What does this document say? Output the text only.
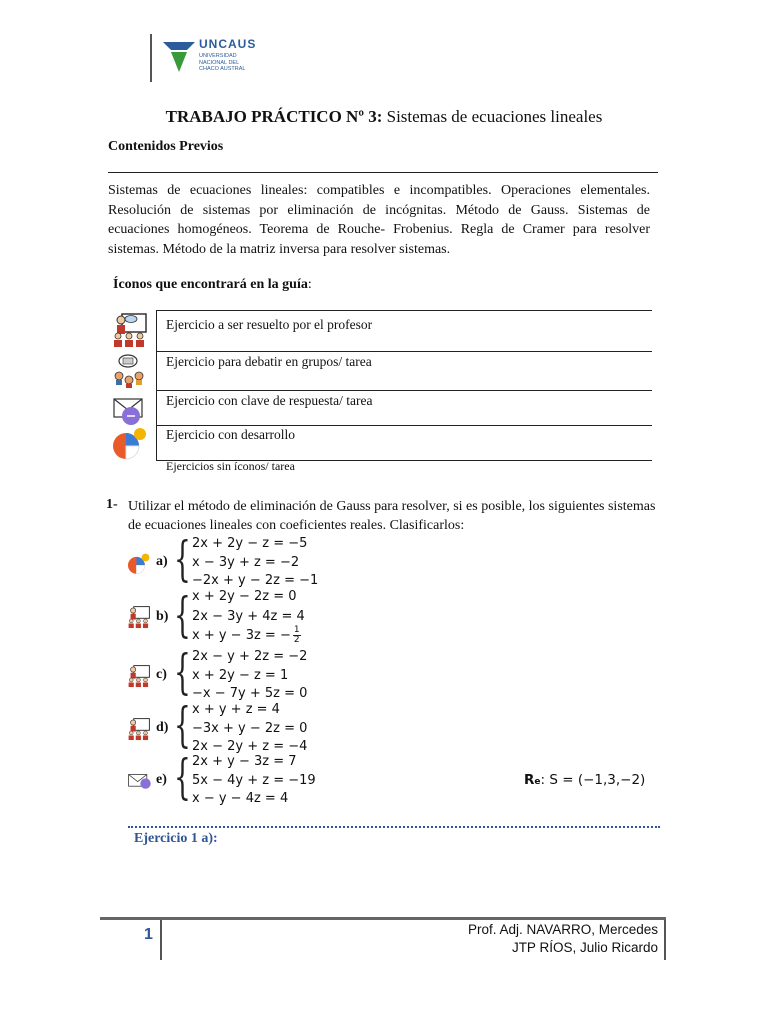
UNCAUS
UNIVERSIDAD
NACIONAL DEL
CHACO AUSTRAL
TRABAJO PRÁCTICO Nº 3: Sistemas de ecuaciones lineales
Contenidos Previos
Sistemas de ecuaciones lineales: compatibles e incompatibles. Operaciones elementales. Resolución de sistemas por eliminación de incógnitas. Método de Gauss. Sistemas de ecuaciones homogéneos. Teorema de Rouche- Frobenius. Regla de Cramer para resolver sistemas. Método de la matriz inversa para resolver sistemas.
Íconos que encontrará en la guía:
Ejercicio a ser resuelto por el profesor
Ejercicio para debatir en grupos/ tarea
Ejercicio con clave de respuesta/ tarea
Ejercicio con desarrollo
Ejercicios sin íconos/ tarea
1- Utilizar el método de eliminación de Gauss para resolver, si es posible, los siguientes sistemas de ecuaciones lineales con coeficientes reales. Clasificarlos:
a) { 2x + 2y − z = −5
x − 3y + z = −2
−2x + y − 2z = −1
b) { x + 2y − 2z = 0
2x − 3y + 4z = 4
x + y − 3z = − $\frac{1}{2}$
c) { 2x − y + 2z = −2
x + 2y − z = 1
−x − 7y + 5z = 0
d) { x + y + z = 4
−3x + y − 2z = 0
2x − 2y + z = −4
e) { 2x + y − 3z = 7
5x − 4y + z = −19
x − y − 4z = 4
Re: S = (−1,3,−2)
Ejercicio 1 a):
1	Prof. Adj. NAVARRO, Mercedes
JTP RÍOS, Julio Ricardo
